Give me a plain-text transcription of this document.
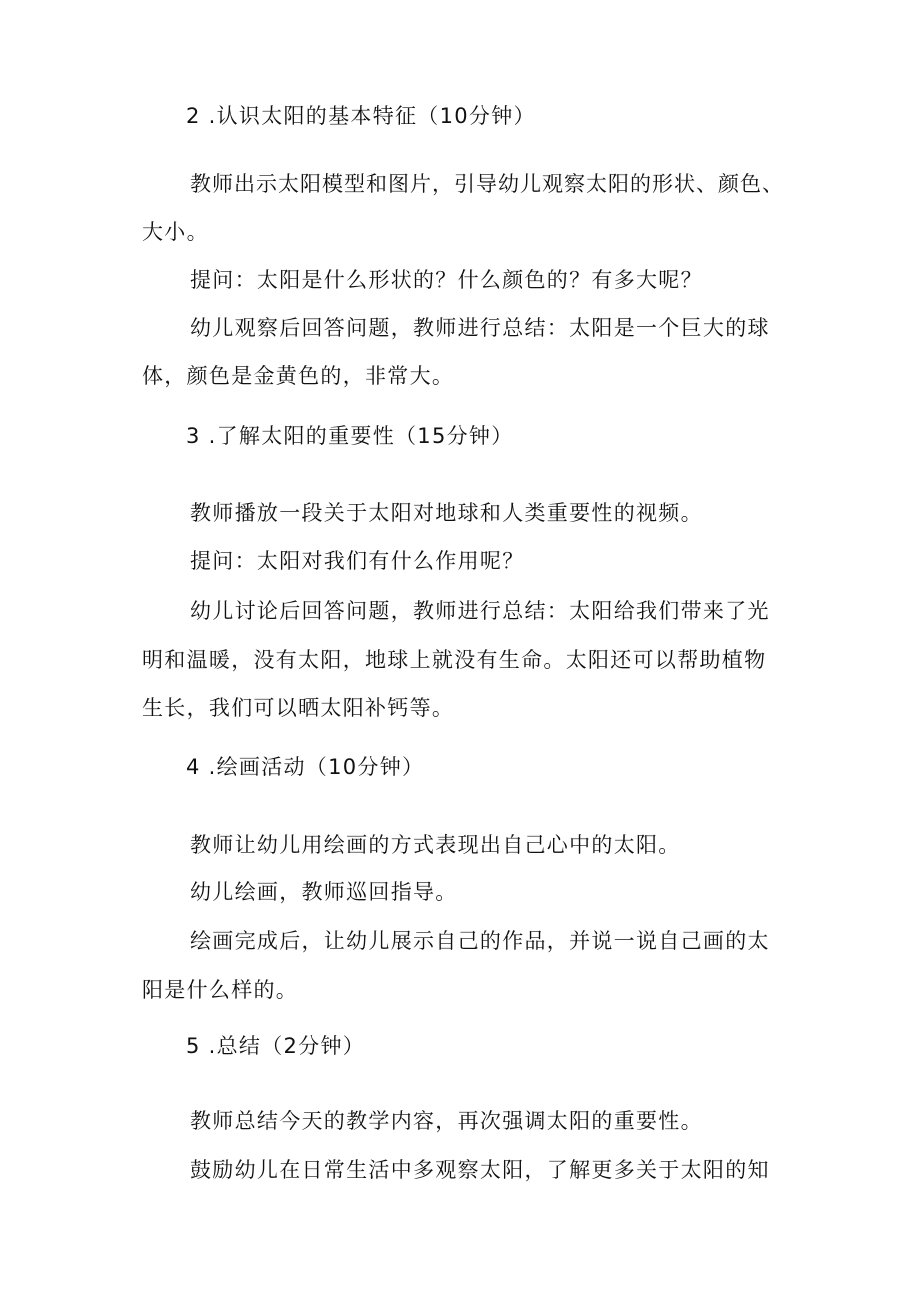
2 .认识太阳的基本特征（10分钟）

教师出示太阳模型和图片，引导幼儿观察太阳的形状、颜色、

大小。

提问：太阳是什么形状的？什么颜色的？有多大呢？

幼儿观察后回答问题，教师进行总结：太阳是一个巨大的球

体，颜色是金黄色的，非常大。

3 .了解太阳的重要性（15分钟）

教师播放一段关于太阳对地球和人类重要性的视频。

提问：太阳对我们有什么作用呢？

幼儿讨论后回答问题，教师进行总结：太阳给我们带来了光

明和温暖，没有太阳，地球上就没有生命。太阳还可以帮助植物

生长，我们可以晒太阳补钙等。

4 .绘画活动（10分钟）

教师让幼儿用绘画的方式表现出自己心中的太阳。

幼儿绘画，教师巡回指导。

绘画完成后，让幼儿展示自己的作品，并说一说自己画的太

阳是什么样的。

5 .总结（2分钟）

教师总结今天的教学内容，再次强调太阳的重要性。

鼓励幼儿在日常生活中多观察太阳，了解更多关于太阳的知
